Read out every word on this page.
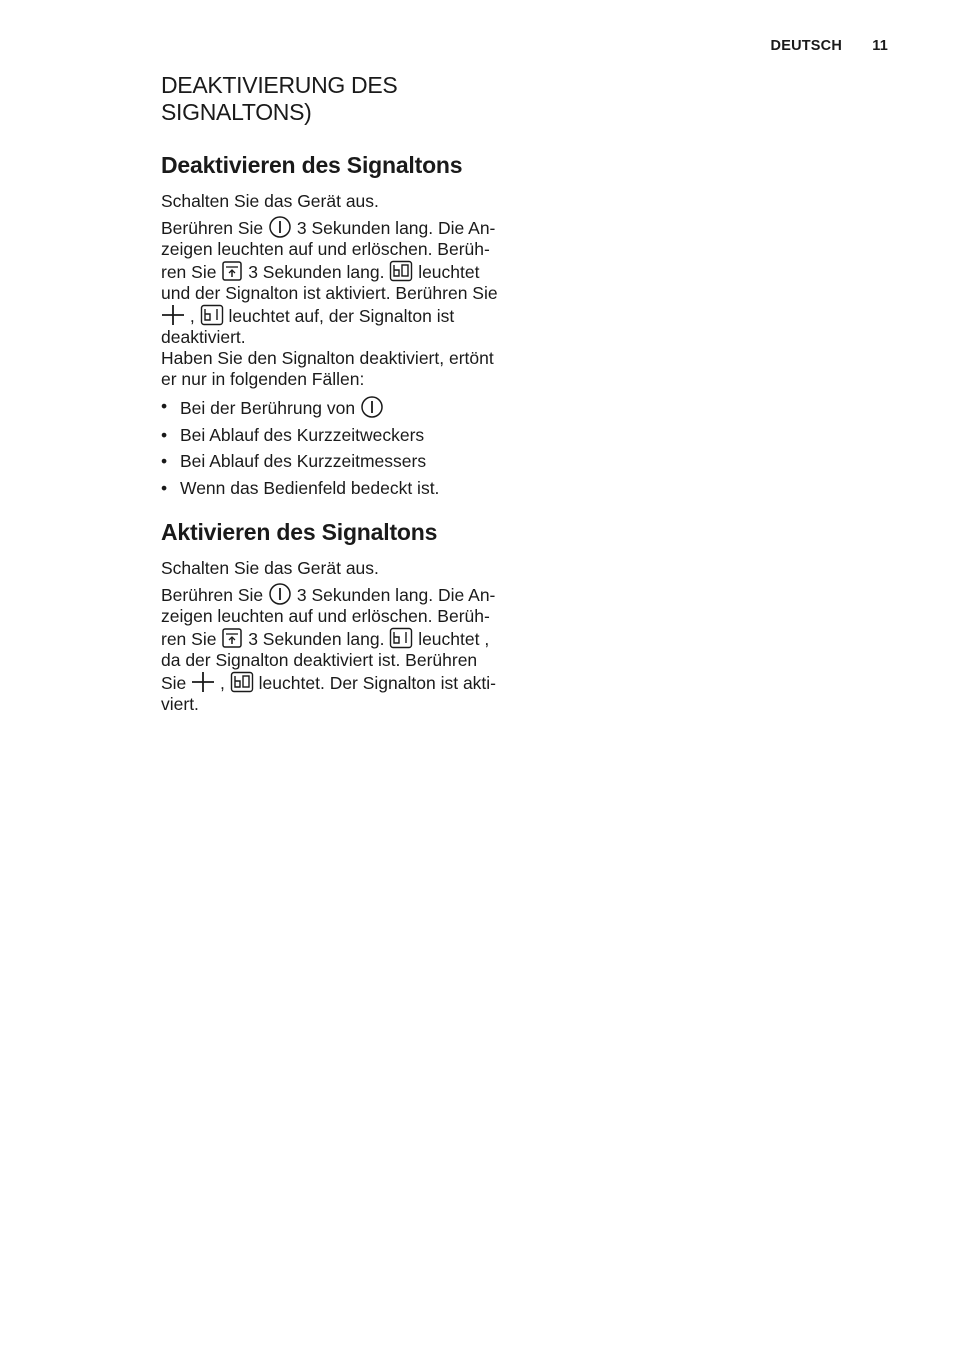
DEUTSCH 11
DEAKTIVIERUNG DES
SIGNALTONS)
Deaktivieren des Signaltons

Schalten Sie das Gerät aus.

Berühren Sie 3 Sekunden lang. Die An-
zeigen leuchten auf und erlöschen. Berüh-
ren Sie 3 Sekunden lang. leuchtet
und der Signalton ist aktiviert. Berühren Sie
, leuchtet auf, der Signalton ist
deaktiviert.
Haben Sie den Signalton deaktiviert, ertönt
er nur in folgenden Fällen:

• Bei der Berührung von
• Bei Ablauf des Kurzzeitweckers
• Bei Ablauf des Kurzzeitmessers
• Wenn das Bedienfeld bedeckt ist.
Aktivieren des Signaltons

Schalten Sie das Gerät aus.

Berühren Sie 3 Sekunden lang. Die An-
zeigen leuchten auf und erlöschen. Berüh-
ren Sie 3 Sekunden lang. leuchtet ,
da der Signalton deaktiviert ist. Berühren
Sie , leuchtet. Der Signalton ist akti-
viert.
